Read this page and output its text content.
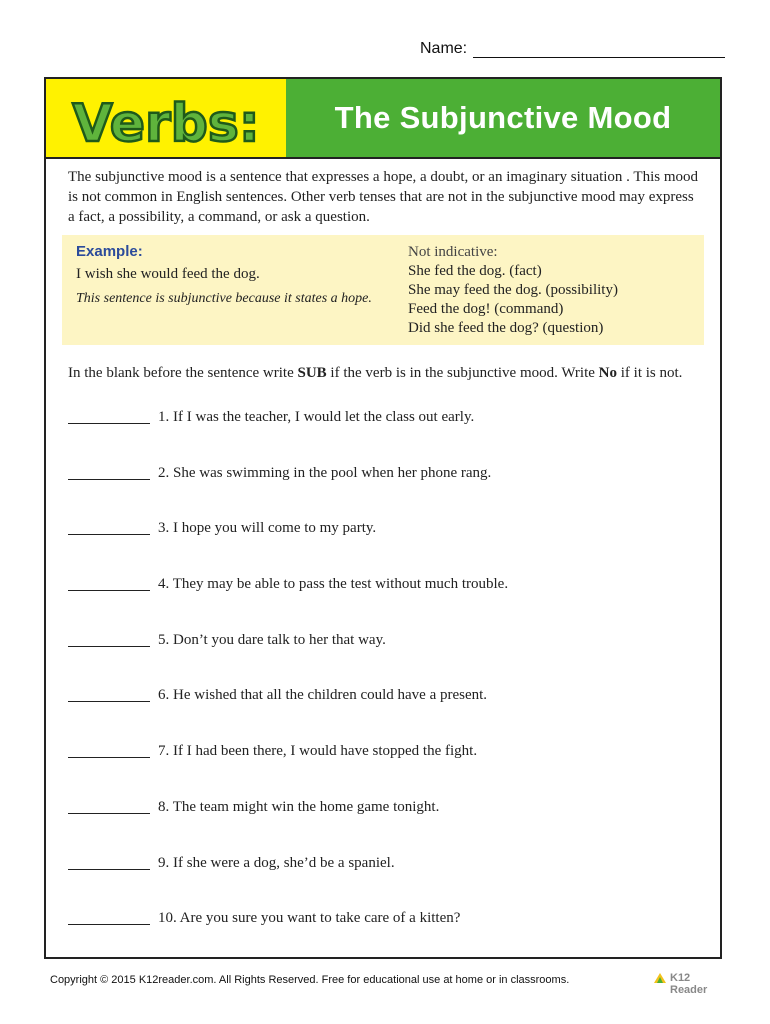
Name:
Verbs: The Subjunctive Mood
The subjunctive mood is a sentence that expresses a hope, a doubt, or an imaginary situation . This mood is not common in English sentences. Other verb tenses that are not in the subjunctive mood may express a fact, a possibility, a command, or ask a question.
Example:
I wish she would feed the dog.
This sentence is subjunctive because it states a hope.
Not indicative:
She fed the dog. (fact)
She may feed the dog. (possibility)
Feed the dog! (command)
Did she feed the dog? (question)
In the blank before the sentence write SUB if the verb is in the subjunctive mood. Write No if it is not.
1. If I was the teacher, I would let the class out early.
2. She was swimming in the pool when her phone rang.
3. I hope you will come to my party.
4. They may be able to pass the test without much trouble.
5. Don’t you dare talk to her that way.
6. He wished that all the children could have a present.
7. If I had been there, I would have stopped the fight.
8. The team might win the home game tonight.
9. If she were a dog, she’d be a spaniel.
10. Are you sure you want to take care of a kitten?
Copyright © 2015 K12reader.com. All Rights Reserved. Free for educational use at home or in classrooms.	K12 Reader
